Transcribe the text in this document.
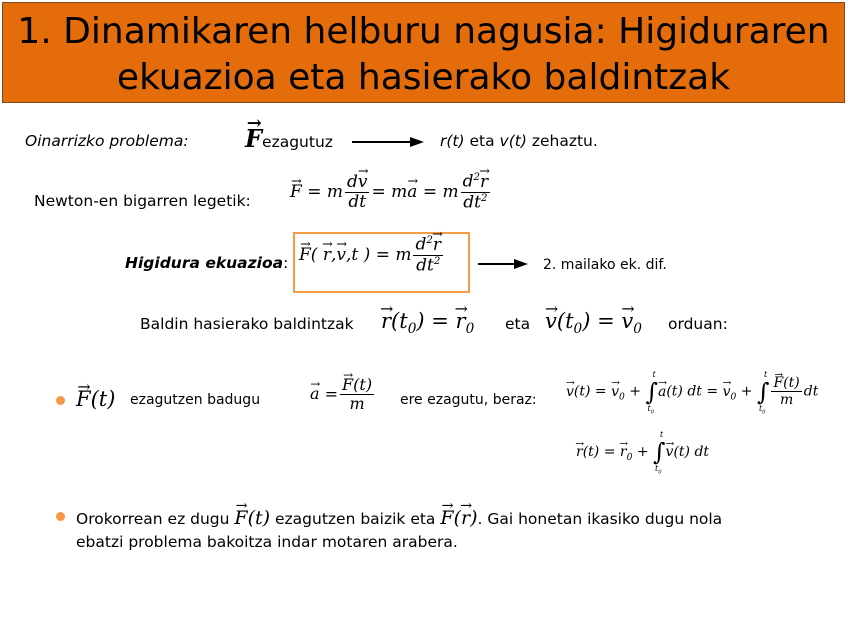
1. Dinamikaren helburu nagusia: Higiduraren
ekuazioa eta hasierako baldintzak
Oinarrizko problema: → Fezagutuz	r(t) eta v(t) zehaztu.
Newton-en bigarren legetik: → F = m $\frac{d\to v}{dt} = m\to a = m \frac{d^2\to r}{dt^2}$
Higidura ekuazioa: → F( → r,→ v,t ) = m $\frac{d^2\to r}{dt^2}$	2. mailako ek. dif.
Baldin hasierako baldintzak → $r(t_0)$ = → $r_0$ eta → $v(t_0)$ = → $v_0$ orduan:
→ F(t) ezagutzen badugu	→ a = → $\frac{F(t)}{m}$ ere ezagutu, beraz:
→ v(t) = → $v_0$ + ∫
t
$t_0$
→ a(t) dt = → $v_0$ + ∫
t
$t_0$
→ $\frac{F(t)}{m}$ dt
→ r(t) = → $r_0$ + ∫
t
$t_0$
→ v(t) dt
Orokorrean ez dugu → F(t) ezagutzen baizik eta → F(→ r). Gai honetan ikasiko dugu nola
ebatzi problema bakoitza indar motaren arabera.
